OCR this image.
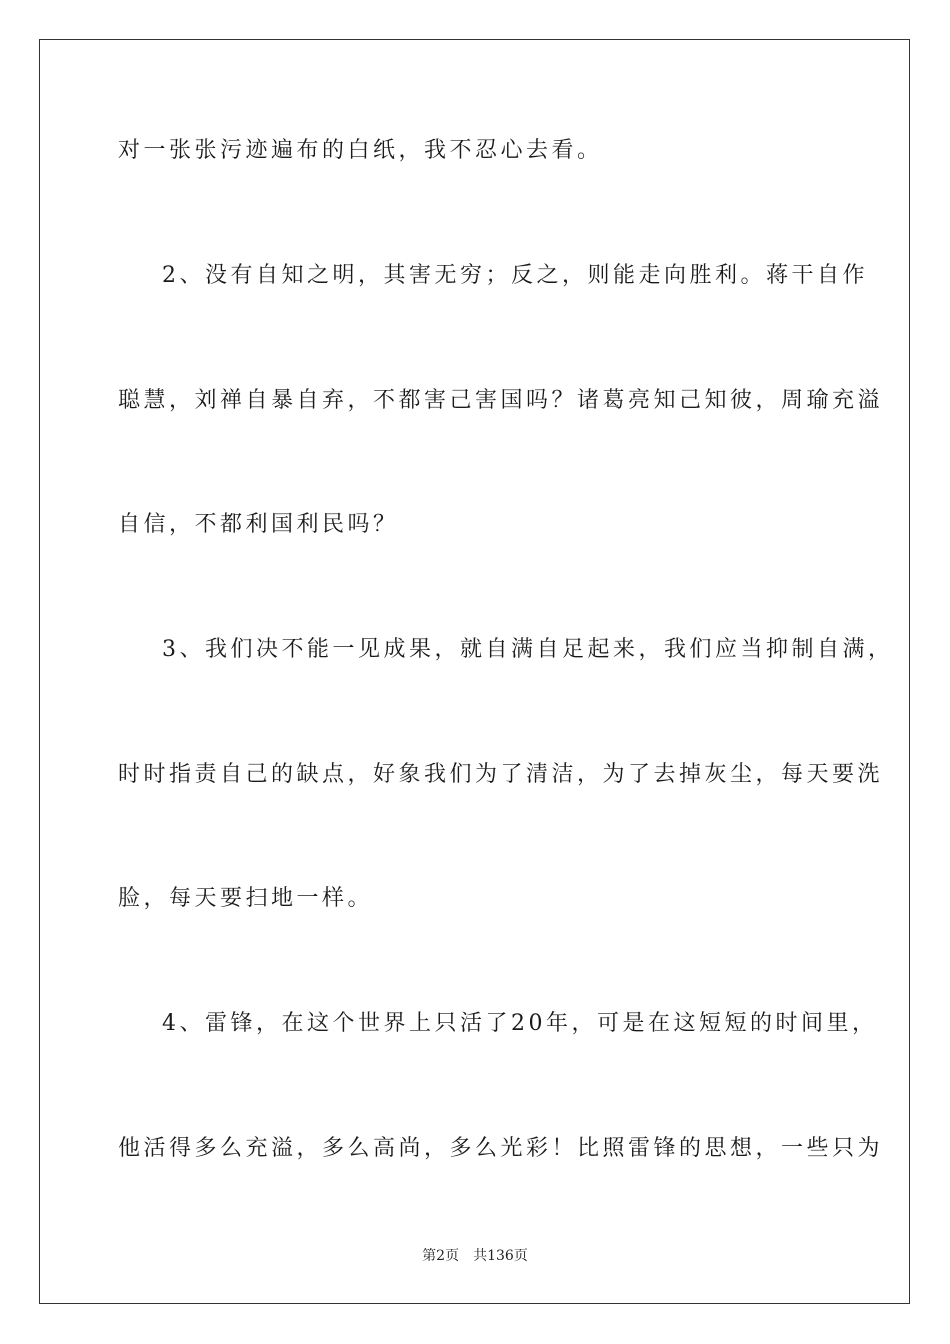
对一张张污迹遍布的白纸，我不忍心去看。
2、没有自知之明，其害无穷；反之，则能走向胜利。蒋干自作
聪慧，刘禅自暴自弃，不都害己害国吗？诸葛亮知己知彼，周瑜充溢
自信，不都利国利民吗？
3、我们决不能一见成果，就自满自足起来，我们应当抑制自满，
时时指责自己的缺点，好象我们为了清洁，为了去掉灰尘，每天要洗
脸，每天要扫地一样。
4、雷锋，在这个世界上只活了20年，可是在这短短的时间里，
他活得多么充溢，多么高尚，多么光彩！比照雷锋的思想，一些只为
第2页 共136页
